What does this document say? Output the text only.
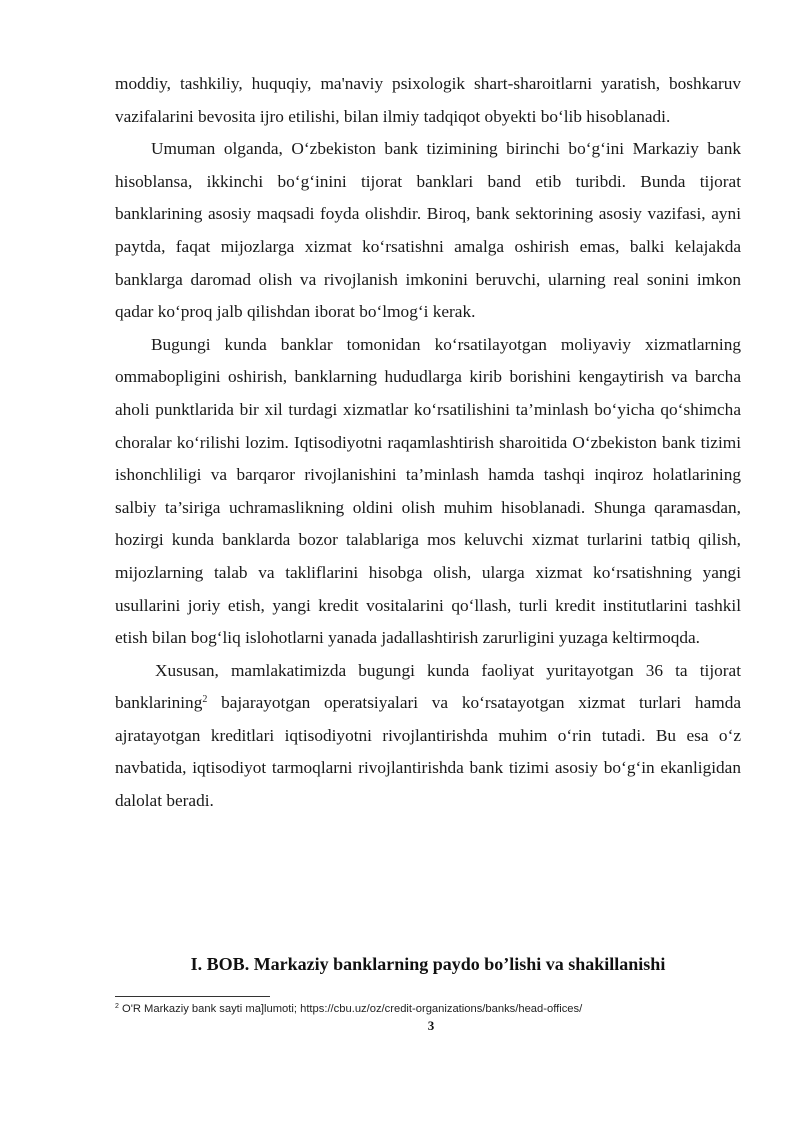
moddiy, tashkiliy, huquqiy, ma'naviy psixologik shart-sharoitlarni yaratish, boshkaruv vazifalarini bevosita ijro etilishi, bilan ilmiy tadqiqot obyekti bo‘lib hisoblanadi.

Umuman olganda, O‘zbekiston bank tizimining birinchi bo‘g‘ini Markaziy bank hisoblansa, ikkinchi bo‘g‘inini tijorat banklari band etib turibdi. Bunda tijorat banklarining asosiy maqsadi foyda olishdir. Biroq, bank sektorining asosiy vazifasi, ayni paytda, faqat mijozlarga xizmat ko‘rsatishni amalga oshirish emas, balki kelajakda banklarga daromad olish va rivojlanish imkonini beruvchi, ularning real sonini imkon qadar ko‘proq jalb qilishdan iborat bo‘lmog‘i kerak.

Bugungi kunda banklar tomonidan ko‘rsatilayotgan moliyaviy xizmatlarning ommabopligini oshirish, banklarning hududlarga kirib borishini kengaytirish va barcha aholi punktlarida bir xil turdagi xizmatlar ko‘rsatilishini ta’minlash bo‘yicha qo‘shimcha choralar ko‘rilishi lozim. Iqtisodiyotni raqamlashtirish sharoitida O‘zbekiston bank tizimi ishonchliligi va barqaror rivojlanishini ta’minlash hamda tashqi inqiroz holatlarining salbiy ta’siriga uchramaslikning oldini olish muhim hisoblanadi. Shunga qaramasdan, hozirgi kunda banklarda bozor talablariga mos keluvchi xizmat turlarini tatbiq qilish, mijozlarning talab va takliflarini hisobga olish, ularga xizmat ko‘rsatishning yangi usullarini joriy etish, yangi kredit vositalarini qo‘llash, turli kredit institutlarini tashkil etish bilan bog‘liq islohotlarni yanada jadallashtirish zarurligini yuzaga keltirmoqda.

Xususan, mamlakatimizda bugungi kunda faoliyat yuritayotgan 36 ta tijorat banklarining$^2$ bajarayotgan operatsiyalari va ko‘rsatayotgan xizmat turlari hamda ajratayotgan kreditlari iqtisodiyotni rivojlantirishda muhim o‘rin tutadi. Bu esa o‘z navbatida, iqtisodiyot tarmoqlarni rivojlantirishda bank tizimi asosiy bo‘g‘in ekanligidan dalolat beradi.

I. BOB. Markaziy banklarning paydo bo’lishi va shakillanishi
$^2$ O'R Markaziy bank sayti ma]lumoti; https://cbu.uz/oz/credit-organizations/banks/head-offices/
3
